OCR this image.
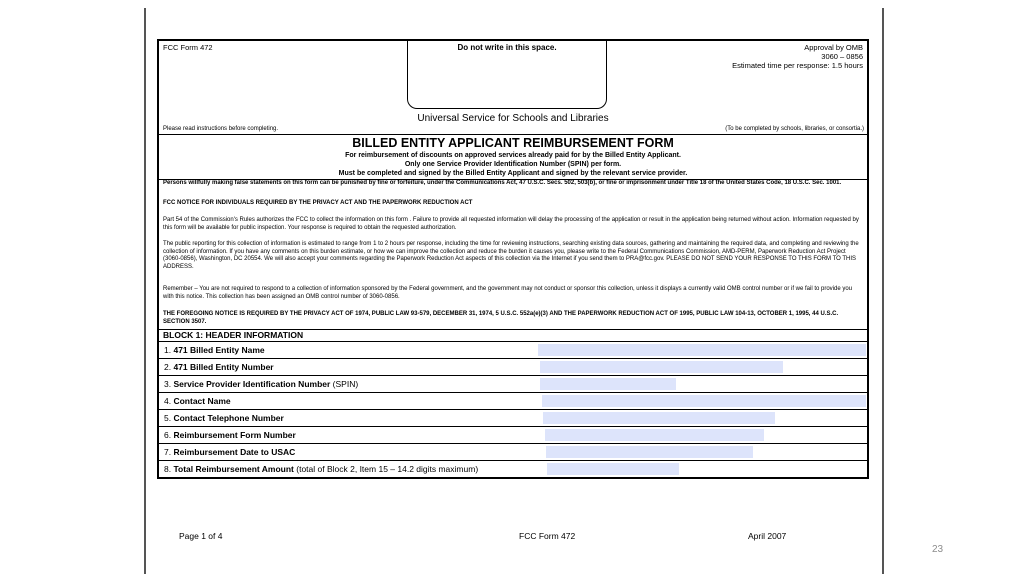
FCC Form 472	Do not write in this space.	Approval by OMB
3060 – 0856
Estimated time per response: 1.5 hours
Universal Service for Schools and Libraries
Please read instructions before completing.	(To be completed by schools, libraries, or consortia.)
BILLED ENTITY APPLICANT REIMBURSEMENT FORM
For reimbursement of discounts on approved services already paid for by the Billed Entity Applicant.
Only one Service Provider Identification Number (SPIN) per form.
Must be completed and signed by the Billed Entity Applicant and signed by the relevant service provider.
Persons willfully making false statements on this form can be punished by fine or forfeiture, under the Communications Act, 47 U.S.C. Secs. 502, 503(b), or fine or imprisonment under Title 18 of the United States Code, 18 U.S.C. Sec. 1001.
FCC NOTICE FOR INDIVIDUALS REQUIRED BY THE PRIVACY ACT AND THE PAPERWORK REDUCTION ACT
Part 54 of the Commission's Rules authorizes the FCC to collect the information on this form . Failure to provide all requested information will delay the processing of the application or result in the application being returned without action. Information requested by this form will be available for public inspection. Your response is required to obtain the requested authorization.
The public reporting for this collection of information is estimated to range from 1 to 2 hours per response, including the time for reviewing instructions, searching existing data sources, gathering and maintaining the required data, and completing and reviewing the collection of information. If you have any comments on this burden estimate, or how we can improve the collection and reduce the burden it causes you, please write to the Federal Communications Commission, AMD-PERM, Paperwork Reduction Act Project (3060-0856), Washington, DC 20554. We will also accept your comments regarding the Paperwork Reduction Act aspects of this collection via the Internet if you send them to PRA@fcc.gov. PLEASE DO NOT SEND YOUR RESPONSE TO THIS FORM TO THIS ADDRESS.
Remember – You are not required to respond to a collection of information sponsored by the Federal government, and the government may not conduct or sponsor this collection, unless it displays a currently valid OMB control number or if we fail to provide you with this notice. This collection has been assigned an OMB control number of 3060-0856.
THE FOREGOING NOTICE IS REQUIRED BY THE PRIVACY ACT OF 1974, PUBLIC LAW 93-579, DECEMBER 31, 1974, 5 U.S.C. 552a(e)(3) AND THE PAPERWORK REDUCTION ACT OF 1995, PUBLIC LAW 104-13, OCTOBER 1, 1995, 44 U.S.C. SECTION 3507.
BLOCK 1: HEADER INFORMATION
1. 471 Billed Entity Name
2. 471 Billed Entity Number
3. Service Provider Identification Number (SPIN)
4. Contact Name
5. Contact Telephone Number
6. Reimbursement Form Number
7. Reimbursement Date to USAC
8. Total Reimbursement Amount (total of Block 2, Item 15 – 14.2 digits maximum)
Page 1 of 4	FCC Form 472	April 2007
23
